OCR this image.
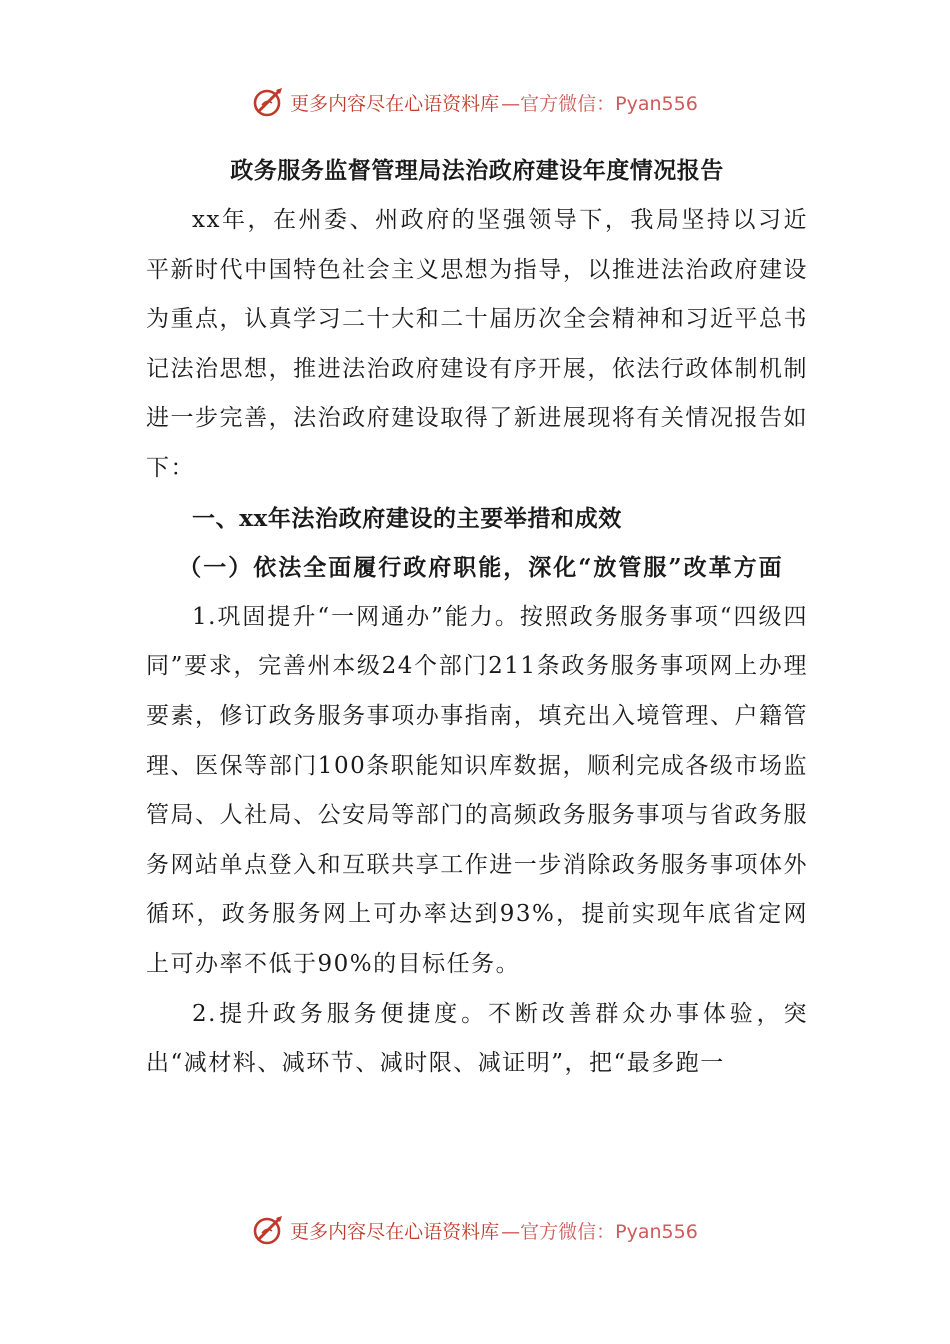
更多内容尽在心语资料库 —官方微信：Pyan556
政务服务监督管理局法治政府建设年度情况报告

xx年，在州委、州政府的坚强领导下，我局坚持以习近平新时代中国特色社会主义思想为指导，以推进法治政府建设为重点，认真学习二十大和二十届历次全会精神和习近平总书记法治思想，推进法治政府建设有序开展，依法行政体制机制进一步完善，法治政府建设取得了新进展现将有关情况报告如下：

一、xx年法治政府建设的主要举措和成效

（一）依法全面履行政府职能，深化“放管服”改革方面

1.巩固提升“一网通办”能力。按照政务服务事项“四级四同”要求，完善州本级24个部门211条政务服务事项网上办理要素，修订政务服务事项办事指南，填充出入境管理、户籍管理、医保等部门100条职能知识库数据，顺利完成各级市场监管局、人社局、公安局等部门的高频政务服务事项与省政务服务网站单点登入和互联共享工作进一步消除政务服务事项体外循环，政务服务网上可办率达到93%，提前实现年底省定网上可办率不低于90%的目标任务。

2.提升政务服务便捷度。不断改善群众办事体验，突出“减材料、减环节、减时限、减证明”，把“最多跑一

更多内容尽在心语资料库 —官方微信：Pyan556
